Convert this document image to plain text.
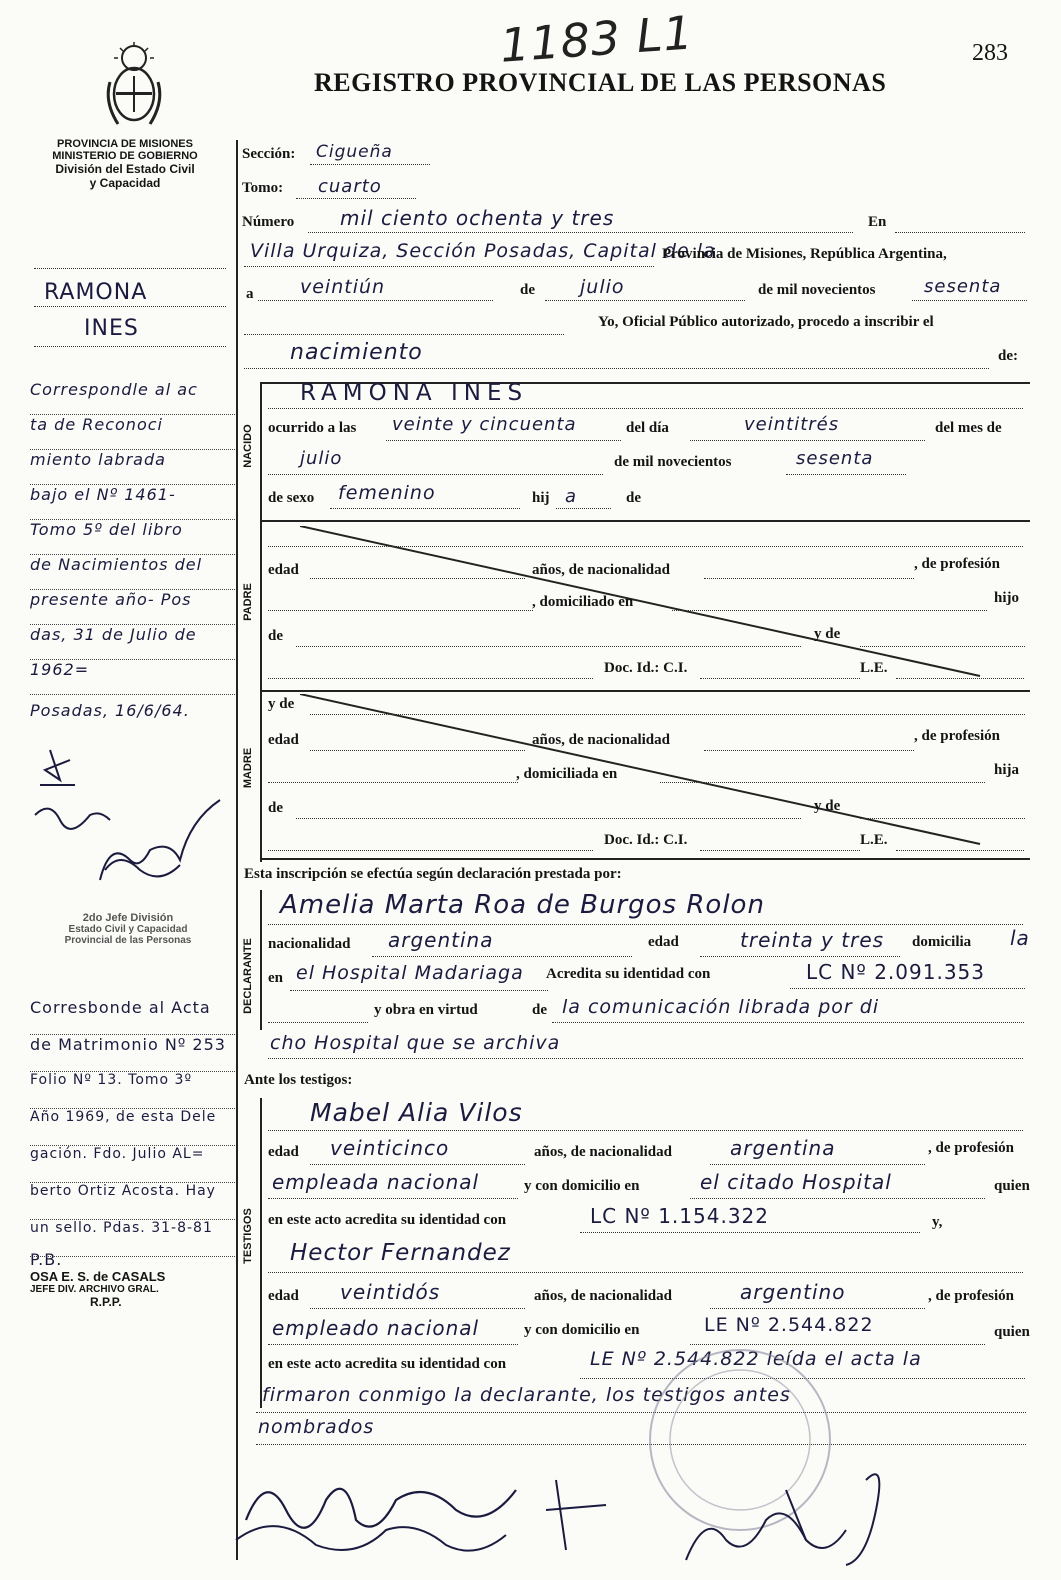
1183 L1	283
REGISTRO PROVINCIAL DE LAS PERSONAS
PROVINCIA DE MISIONES
MINISTERIO DE GOBIERNO
División del Estado Civil
y Capacidad
RAMONA
INES
Correspondle al ac
ta de Reconoci
miento labrada
bajo el Nº 1461-
Tomo 5º del libro
de Nacimientos del
presente año- Pos
das, 31 de Julio de
1962=
Posadas, 16/6/64.
2do Jefe División
Estado Civil y Capacidad
Provincial de las Personas
Corresbonde al Acta
de Matrimonio Nº 253
Folio Nº 13. Tomo 3º
Año 1969, de esta Dele
gación. Fdo. Julio AL=
berto Ortiz Acosta. Hay
un sello. Pdas. 31-8-81
P.B.
OSA E. S. de CASALS
JEFE DIV. ARCHIVO GRAL.
R.P.P.
Sección: Cigueña
Tomo: cuarto
Número mil ciento ochenta y tres	En
Villa Urquiza, Sección Posadas, Capital de la
Provincia de Misiones, República Argentina,
a veintiún	de julio	de mil novecientos	sesenta
Yo, Oficial Público autorizado, procedo a inscribir el
nacimiento	de:
NACIDO
RAMONA INES
ocurrido a las veinte y cincuenta	del día	veintitrés	del mes de
julio	de mil novecientos	sesenta
de sexo femenino	hij a	de
PADRE
edad	años, de nacionalidad	, de profesión
, domiciliado en	hijo
de	y de
Doc. Id.: C.I.	L.E.
MADRE
y de
edad	años, de nacionalidad	, de profesión
, domiciliada en	hija
de	y de
Doc. Id.: C.I.	L.E.
Esta inscripción se efectúa según declaración prestada por:
DECLARANTE
Amelia Marta Roa de Burgos Rolon
nacionalidad argentina	edad	treinta y tres domicilia la
en el Hospital Madariaga Acredita su identidad con	LC Nº 2.091.353
y obra en virtud	de la comunicación librada por di
cho Hospital que se archiva
Ante los testigos:
TESTIGOS
Mabel Alia Vilos
edad veinticinco	años, de nacionalidad	argentina	, de profesión
empleada nacional	y con domicilio en	el citado Hospital	quien
en este acto acredita su identidad con	LC Nº 1.154.322	y,
Hector Fernandez
edad veintidós	años, de nacionalidad	argentino	, de profesión
empleado nacional	y con domicilio en	LE Nº 2.544.822	quien
en este acto acredita su identidad con	LE Nº 2.544.822 leída el acta la
firmaron conmigo la declarante, los testigos antes
nombrados
